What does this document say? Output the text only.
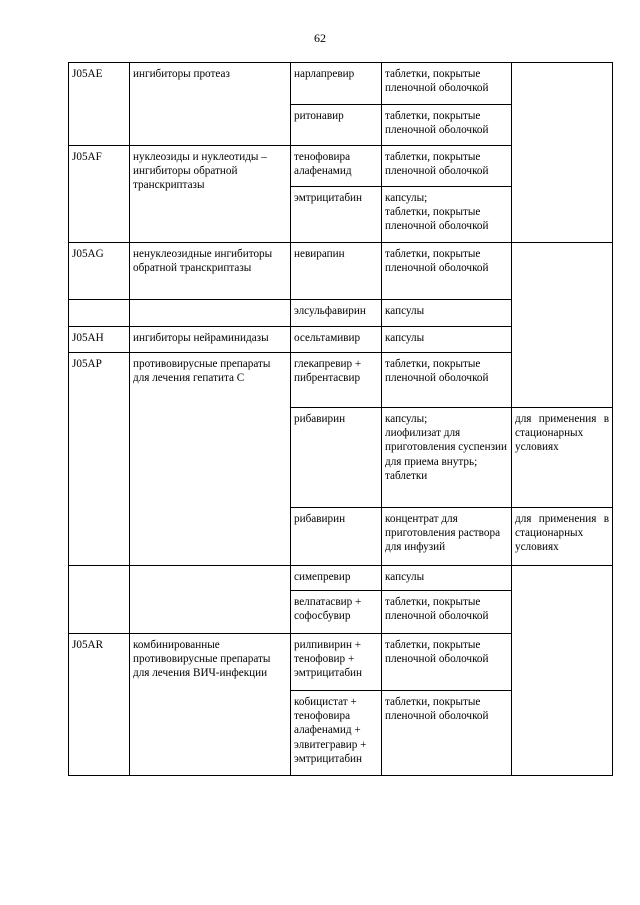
62
J05AE	ингибиторы протеаз	нарлапревир	таблетки, покрытые пленочной оболочкой	

		ритонавир	таблетки, покрытые пленочной оболочкой	

J05AF	нуклеозиды и нуклеотиды – ингибиторы обратной транскриптазы	тенофовира алафенамид	таблетки, покрытые пленочной оболочкой	

		эмтрицитабин	капсулы;
таблетки, покрытые пленочной оболочкой	

J05AG	ненуклеозидные ингибиторы обратной транскриптазы	невирапин	таблетки, покрытые пленочной оболочкой	

		элсульфавирин	капсулы	

J05AH	ингибиторы нейраминидазы	осельтамивир	капсулы	

J05AP	противовирусные препараты для лечения гепатита C	глекапревир + пибрентасвир	таблетки, покрытые пленочной оболочкой	

		рибавирин	капсулы;
лиофилизат для приготовления суспензии для приема внутрь;
таблетки	для применения в стационарных условиях
		рибавирин	концентрат для приготовления раствора для инфузий	для применения в стационарных условиях
		симепревир	капсулы	

		велпатасвир + софосбувир	таблетки, покрытые пленочной оболочкой	

J05AR	комбинированные противовирусные препараты для лечения ВИЧ-инфекции	рилпивирин + тенофовир + эмтрицитабин	таблетки, покрытые пленочной оболочкой	

		кобицистат + тенофовира алафенамид + элвитегравир + эмтрицитабин	таблетки, покрытые пленочной оболочкой	
